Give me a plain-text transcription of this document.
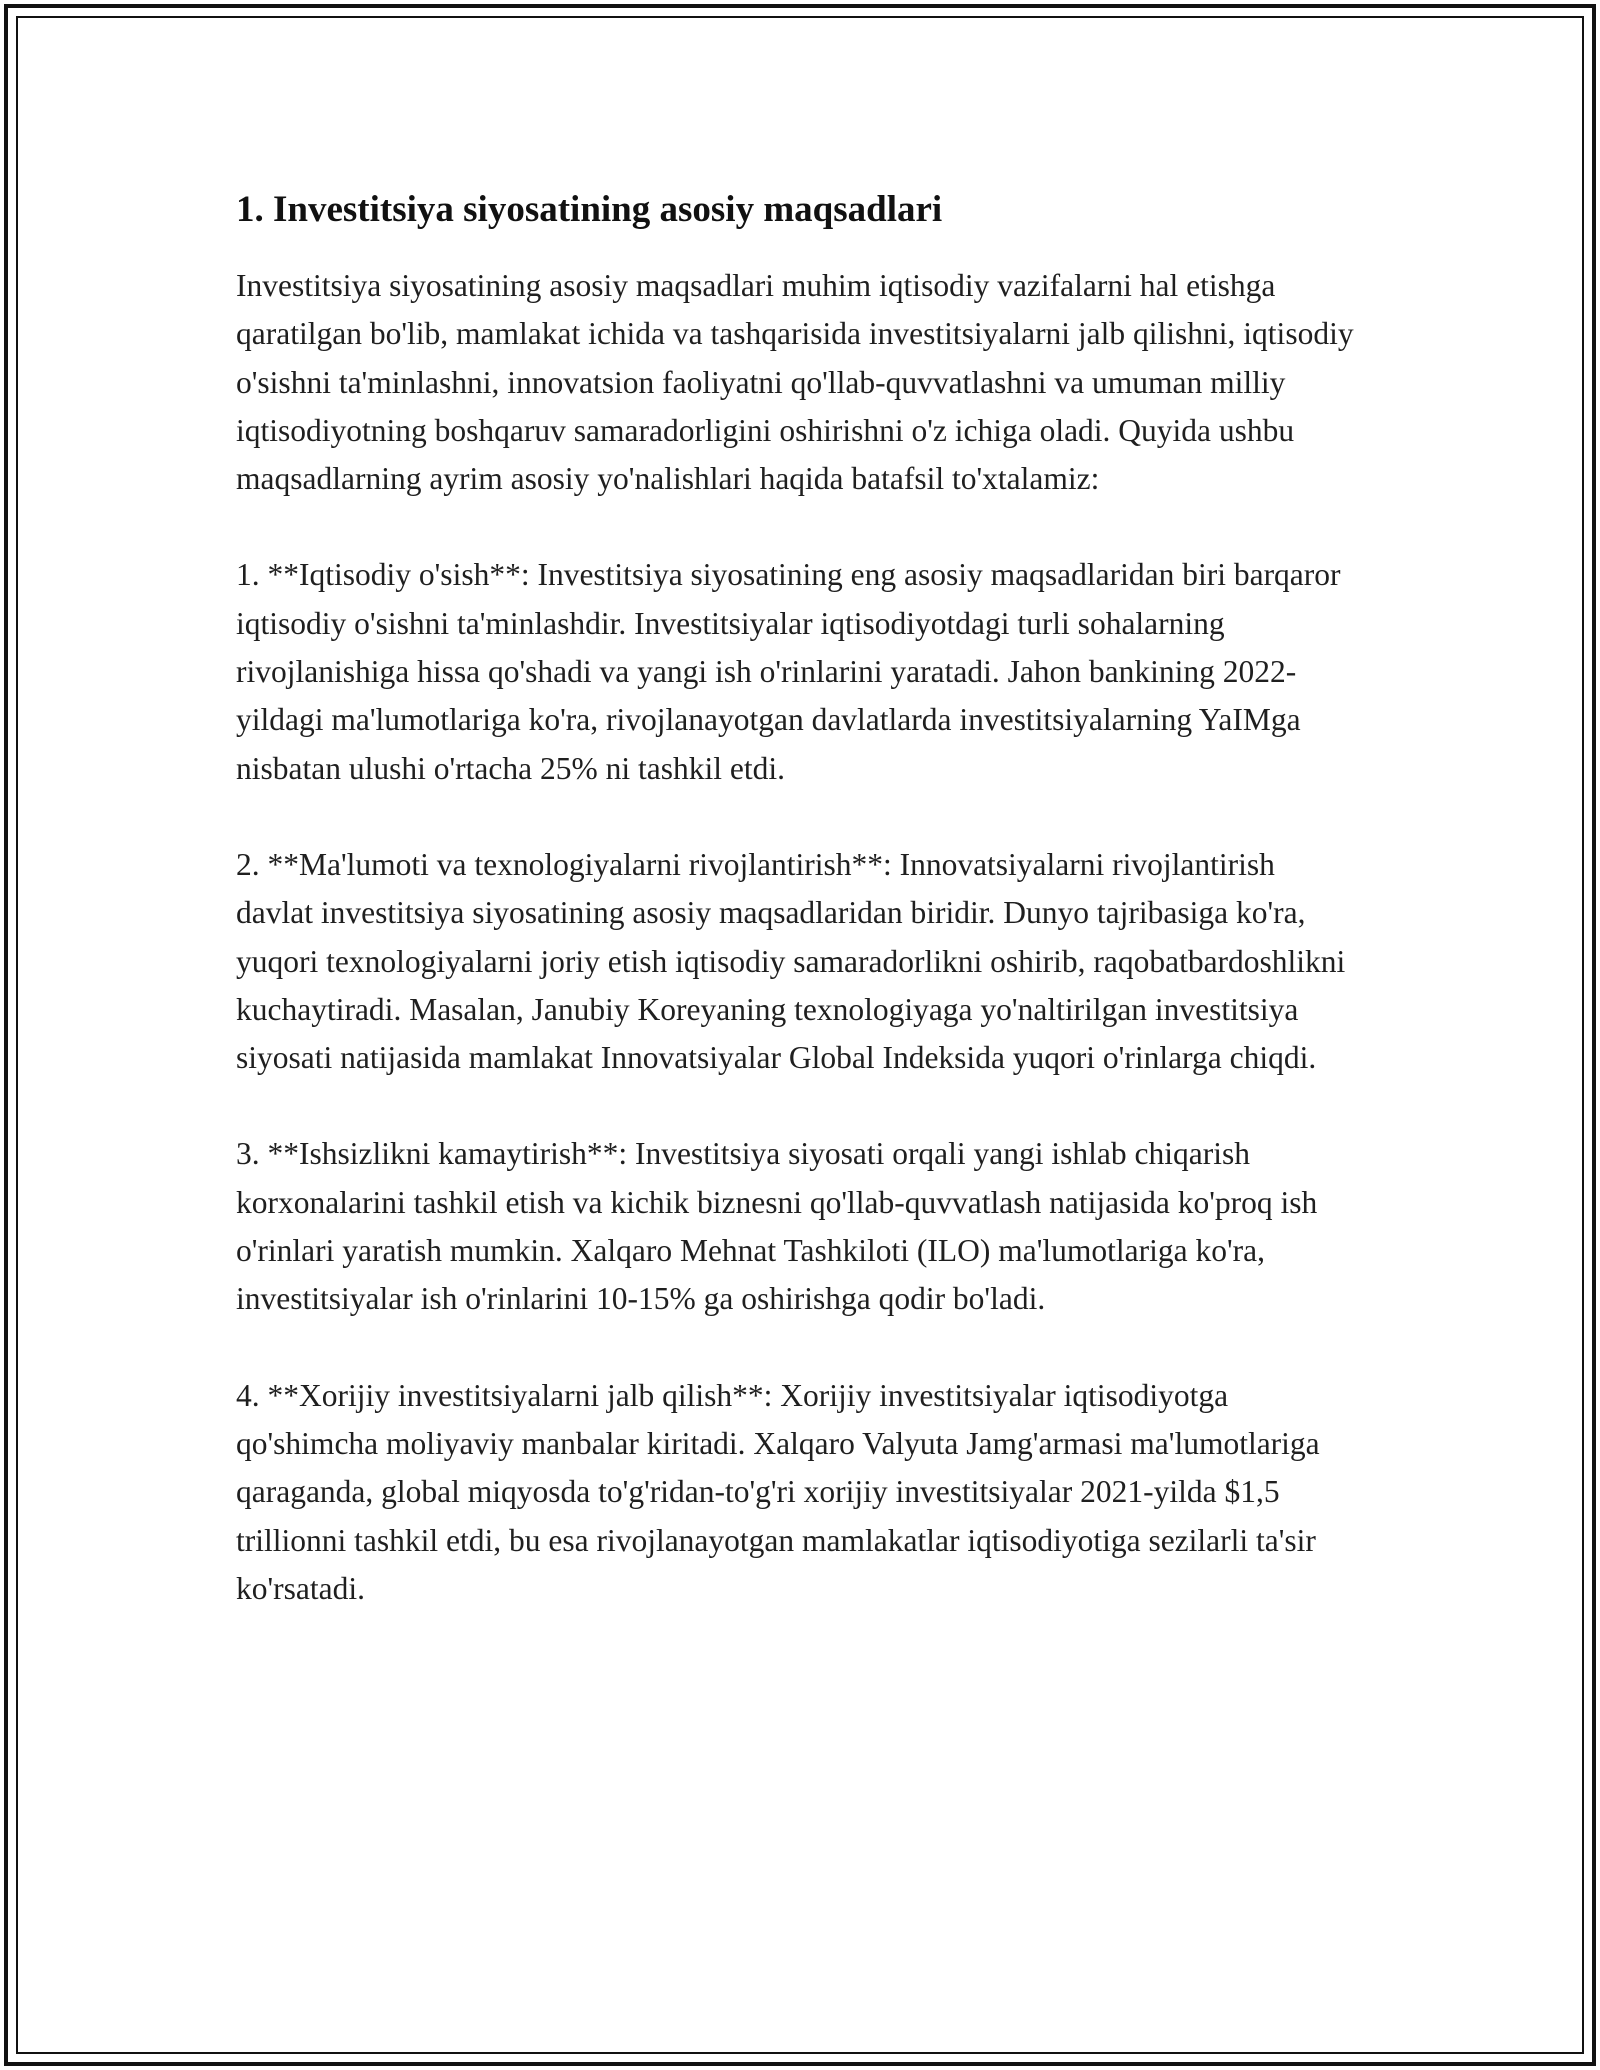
1. Investitsiya siyosatining asosiy maqsadlari

Investitsiya siyosatining asosiy maqsadlari muhim iqtisodiy vazifalarni hal etishga qaratilgan bo'lib, mamlakat ichida va tashqarisida investitsiyalarni jalb qilishni, iqtisodiy o'sishni ta'minlashni, innovatsion faoliyatni qo'llab-quvvatlashni va umuman milliy iqtisodiyotning boshqaruv samaradorligini oshirishni o'z ichiga oladi. Quyida ushbu maqsadlarning ayrim asosiy yo'nalishlari haqida batafsil to'xtalamiz:

1. **Iqtisodiy o'sish**: Investitsiya siyosatining eng asosiy maqsadlaridan biri barqaror iqtisodiy o'sishni ta'minlashdir. Investitsiyalar iqtisodiyotdagi turli sohalarning rivojlanishiga hissa qo'shadi va yangi ish o'rinlarini yaratadi. Jahon bankining 2022-yildagi ma'lumotlariga ko'ra, rivojlanayotgan davlatlarda investitsiyalarning YaIMga nisbatan ulushi o'rtacha 25% ni tashkil etdi.

2. **Ma'lumoti va texnologiyalarni rivojlantirish**: Innovatsiyalarni rivojlantirish davlat investitsiya siyosatining asosiy maqsadlaridan biridir. Dunyo tajribasiga ko'ra, yuqori texnologiyalarni joriy etish iqtisodiy samaradorlikni oshirib, raqobatbardoshlikni kuchaytiradi. Masalan, Janubiy Koreyaning texnologiyaga yo'naltirilgan investitsiya siyosati natijasida mamlakat Innovatsiyalar Global Indeksida yuqori o'rinlarga chiqdi.

3. **Ishsizlikni kamaytirish**: Investitsiya siyosati orqali yangi ishlab chiqarish korxonalarini tashkil etish va kichik biznesni qo'llab-quvvatlash natijasida ko'proq ish o'rinlari yaratish mumkin. Xalqaro Mehnat Tashkiloti (ILO) ma'lumotlariga ko'ra, investitsiyalar ish o'rinlarini 10-15% ga oshirishga qodir bo'ladi.

4. **Xorijiy investitsiyalarni jalb qilish**: Xorijiy investitsiyalar iqtisodiyotga qo'shimcha moliyaviy manbalar kiritadi. Xalqaro Valyuta Jamg'armasi ma'lumotlariga qaraganda, global miqyosda to'g'ridan-to'g'ri xorijiy investitsiyalar 2021-yilda $1,5 trillionni tashkil etdi, bu esa rivojlanayotgan mamlakatlar iqtisodiyotiga sezilarli ta'sir ko'rsatadi.
